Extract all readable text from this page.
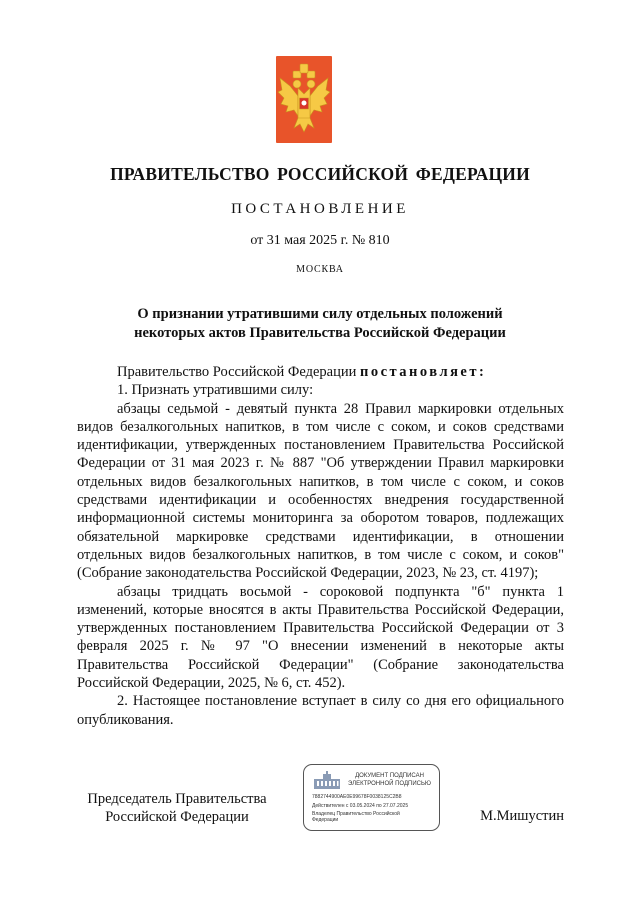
ПРАВИТЕЛЬСТВО РОССИЙСКОЙ ФЕДЕРАЦИИ
ПОСТАНОВЛЕНИЕ
от 31 мая 2025 г. № 810
МОСКВА
О признании утратившими силу отдельных положений
некоторых актов Правительства Российской Федерации

Правительство Российской Федерации постановляет:

1. Признать утратившими силу:

абзацы седьмой - девятый пункта 28 Правил маркировки отдельных видов безалкогольных напитков, в том числе с соком, и соков средствами идентификации, утвержденных постановлением Правительства Российской Федерации от 31 мая 2023 г. № 887 "Об утверждении Правил маркировки отдельных видов безалкогольных напитков, в том числе с соком, и соков средствами идентификации и особенностях внедрения государственной информационной системы мониторинга за оборотом товаров, подлежащих обязательной маркировке средствами идентификации, в отношении отдельных видов безалкогольных напитков, в том числе с соком, и соков" (Собрание законодательства Российской Федерации, 2023, № 23, ст. 4197);

абзацы тридцать восьмой - сороковой подпункта "б" пункта 1 изменений, которые вносятся в акты Правительства Российской Федерации, утвержденных постановлением Правительства Российской Федерации от 3 февраля 2025 г. № 97 "О внесении изменений в некоторые акты Правительства Российской Федерации" (Собрание законодательства Российской Федерации, 2025, № 6, ст. 452).

2. Настоящее постановление вступает в силу со дня его официального опубликования.

Председатель Правительства
Российской Федерации
ДОКУМЕНТ ПОДПИСАН
ЭЛЕКТРОННОЙ ПОДПИСЬЮ
7882744900AE0E99678F0038125C2B8
Действителен с 03.05.2024 по 27.07.2025
Владелец Правительство Российской
Федерации	М.Мишустин
